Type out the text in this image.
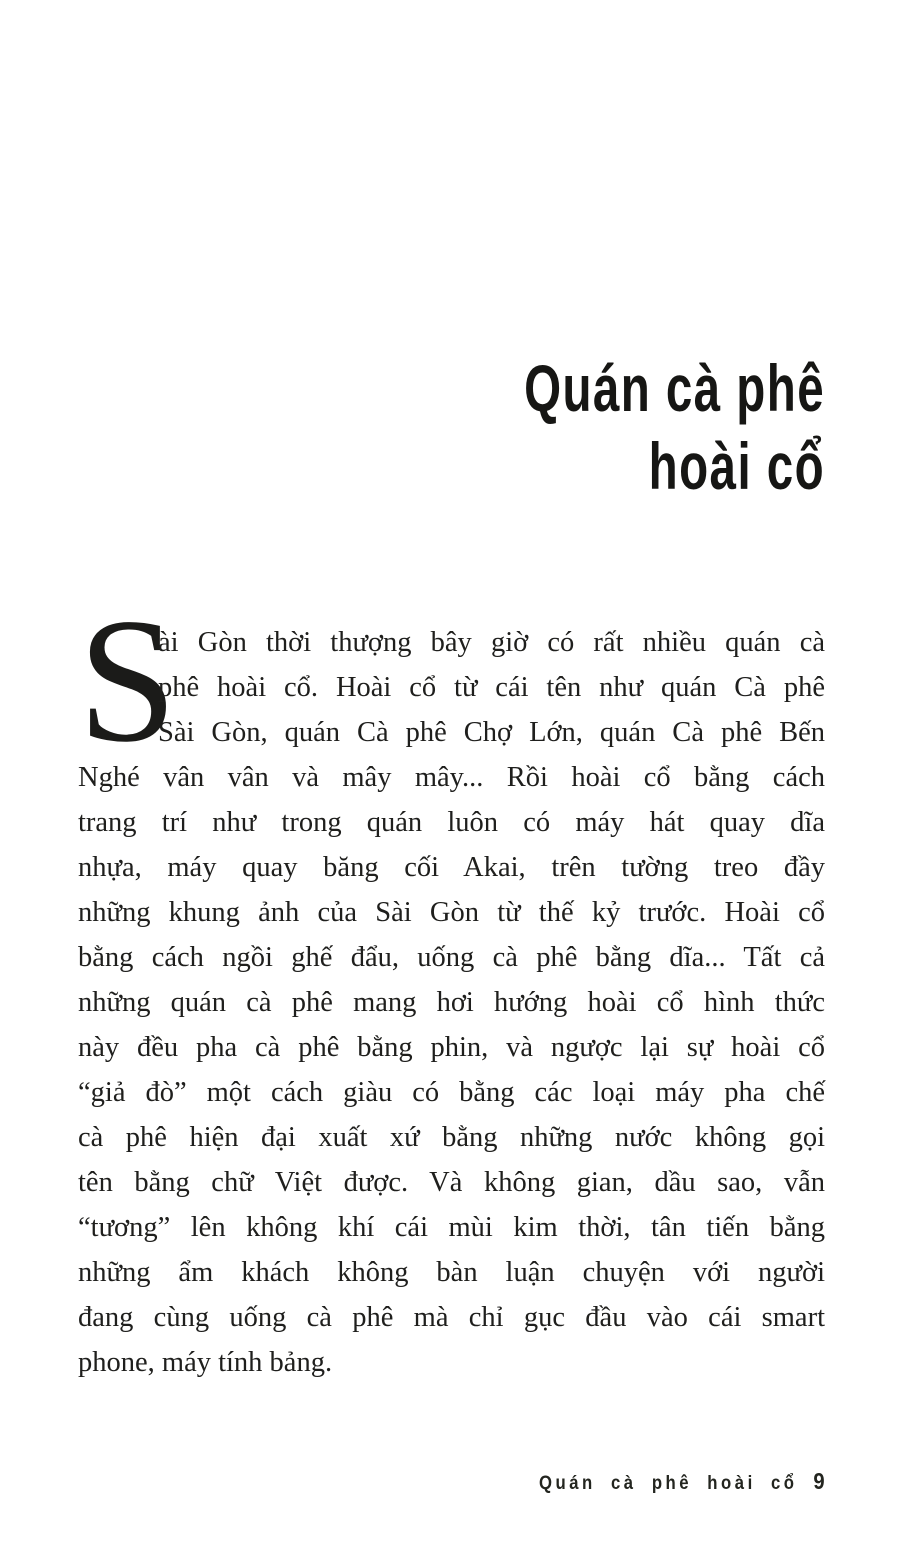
Quán cà phê
hoài cổ
S
ài Gòn thời thượng bây giờ có rất nhiều quán cà
phê hoài cổ. Hoài cổ từ cái tên như quán Cà phê
Sài Gòn, quán Cà phê Chợ Lớn, quán Cà phê Bến
Nghé vân vân và mây mây... Rồi hoài cổ bằng cách
trang trí như trong quán luôn có máy hát quay dĩa
nhựa, máy quay băng cối Akai, trên tường treo đầy
những khung ảnh của Sài Gòn từ thế kỷ trước. Hoài cổ
bằng cách ngồi ghế đẩu, uống cà phê bằng dĩa... Tất cả
những quán cà phê mang hơi hướng hoài cổ hình thức
này đều pha cà phê bằng phin, và ngược lại sự hoài cổ
“giả đò” một cách giàu có bằng các loại máy pha chế
cà phê hiện đại xuất xứ bằng những nước không gọi
tên bằng chữ Việt được. Và không gian, dầu sao, vẫn
“tương” lên không khí cái mùi kim thời, tân tiến bằng
những ẩm khách không bàn luận chuyện với người
đang cùng uống cà phê mà chỉ gục đầu vào cái smart
phone, máy tính bảng.
Quán cà phê hoài cổ 9
